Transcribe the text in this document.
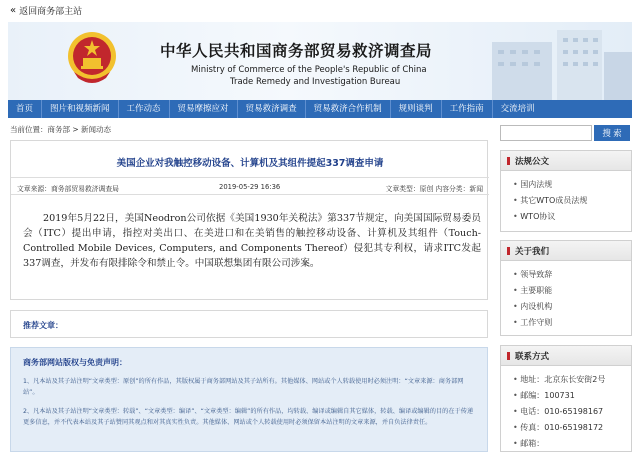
« 返回商务部主站
中华人民共和国商务部贸易救济调查局
Ministry of Commerce of the People's Republic of China
Trade Remedy and Investigation Bureau
首页	图片和视频新闻	工作动态	贸易摩擦应对	贸易救济调查	贸易救济合作机制	规则谈判	工作指南	交流培训
当前位置：商务部 > 新闻动态
美国企业对我触控移动设备、计算机及其组件提起337调查申请
文章来源：商务部贸易救济调查局	2019-05-29 16:36	文章类型：原创 内容分类：新闻
2019年5月22日，美国Neodron公司依据《美国1930年关税法》第337节规定，向美国国际贸易委员会（ITC）提出申请，指控对美出口、在美进口和在美销售的触控移动设备、计算机及其组件（Touch-Controlled Mobile Devices, Computers, and Components Thereof）侵犯其专利权，请求ITC发起337调查，并发布有限排除令和禁止令。中国联想集团有限公司涉案。
推荐文章：
商务部网站版权与免责声明：
1、凡本站及其子站注明“文章类型：原创”的所有作品，其版权属于商务部网站及其子站所有。其他媒体、网站或个人转载使用时必须注明：“文章来源：商务部网站”。
2、凡本站及其子站注明“文章类型：转载”、“文章类型：编译”、“文章类型：编辑”的所有作品，均转载、编译或编辑自其它媒体，转载、编译或编辑的目的在于传递更多信息，并不代表本站及其子站赞同其观点和对其真实性负责。其他媒体、网站或个人转载使用时必须保留本站注明的文章来源，并自负法律责任。
搜 索
法规公文
• 国内法规
• 其它WTO成员法规
• WTO协议
关于我们
• 领导致辞
• 主要职能
• 内设机构
• 工作守则
联系方式
• 地址：北京东长安街2号
• 邮编：100731
• 电话：010-65198167
• 传真：010-65198172
• 邮箱：
